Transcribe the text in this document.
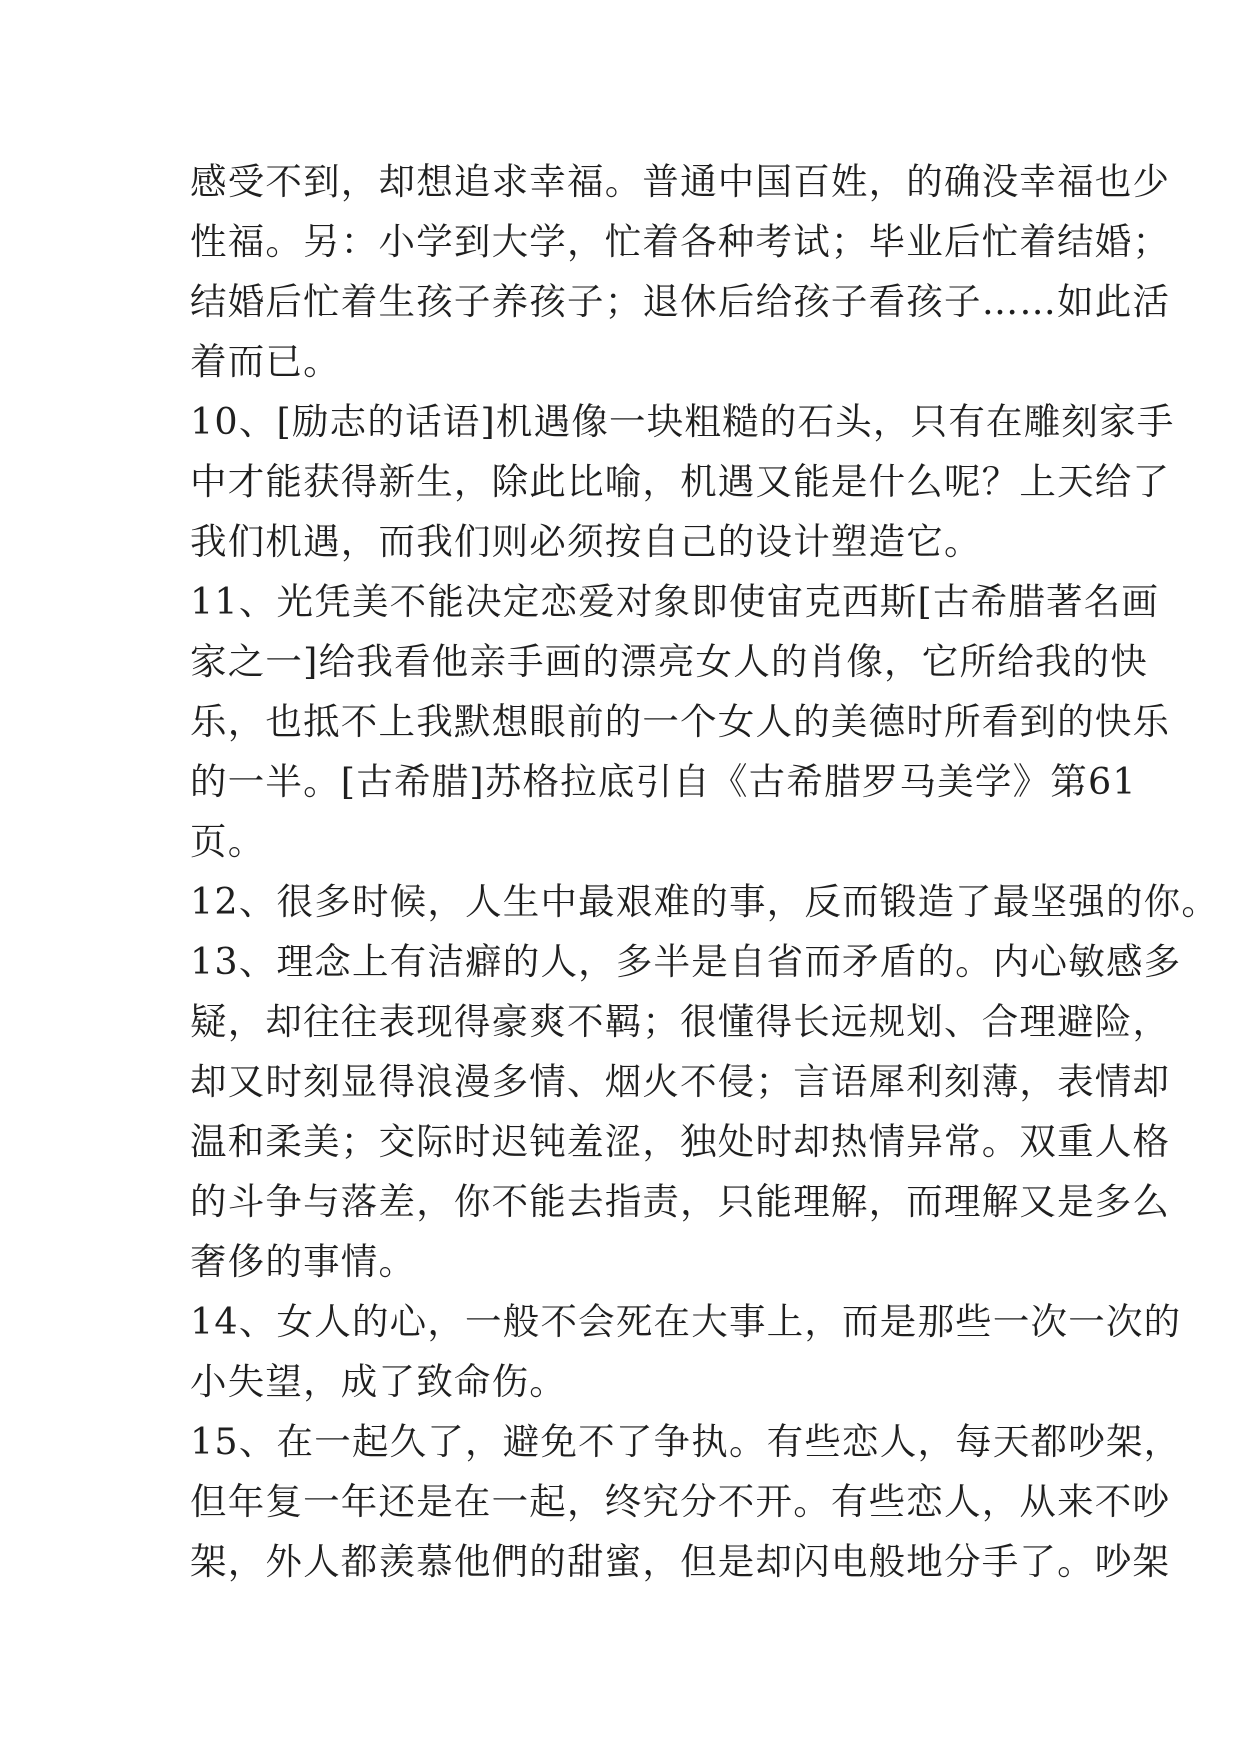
感受不到，却想追求幸福。普通中国百姓，的确没幸福也少
性福。另：小学到大学，忙着各种考试；毕业后忙着结婚；
结婚后忙着生孩子养孩子；退休后给孩子看孩子……如此活
着而已。
10、[励志的话语]机遇像一块粗糙的石头，只有在雕刻家手
中才能获得新生，除此比喻，机遇又能是什么呢？上天给了
我们机遇，而我们则必须按自己的设计塑造它。
11、光凭美不能决定恋爱对象即使宙克西斯[古希腊著名画
家之一]给我看他亲手画的漂亮女人的肖像，它所给我的快
乐，也抵不上我默想眼前的一个女人的美德时所看到的快乐
的一半。[古希腊]苏格拉底引自《古希腊罗马美学》第61
页。
12、很多时候，人生中最艰难的事，反而锻造了最坚强的你。
13、理念上有洁癖的人，多半是自省而矛盾的。内心敏感多
疑，却往往表现得豪爽不羁；很懂得长远规划、合理避险，
却又时刻显得浪漫多情、烟火不侵；言语犀利刻薄，表情却
温和柔美；交际时迟钝羞涩，独处时却热情异常。双重人格
的斗争与落差，你不能去指责，只能理解，而理解又是多么
奢侈的事情。
14、女人的心，一般不会死在大事上，而是那些一次一次的
小失望，成了致命伤。
15、在一起久了，避免不了争执。有些恋人，每天都吵架，
但年复一年还是在一起，终究分不开。有些恋人，从来不吵
架，外人都羡慕他們的甜蜜，但是却闪电般地分手了。吵架
